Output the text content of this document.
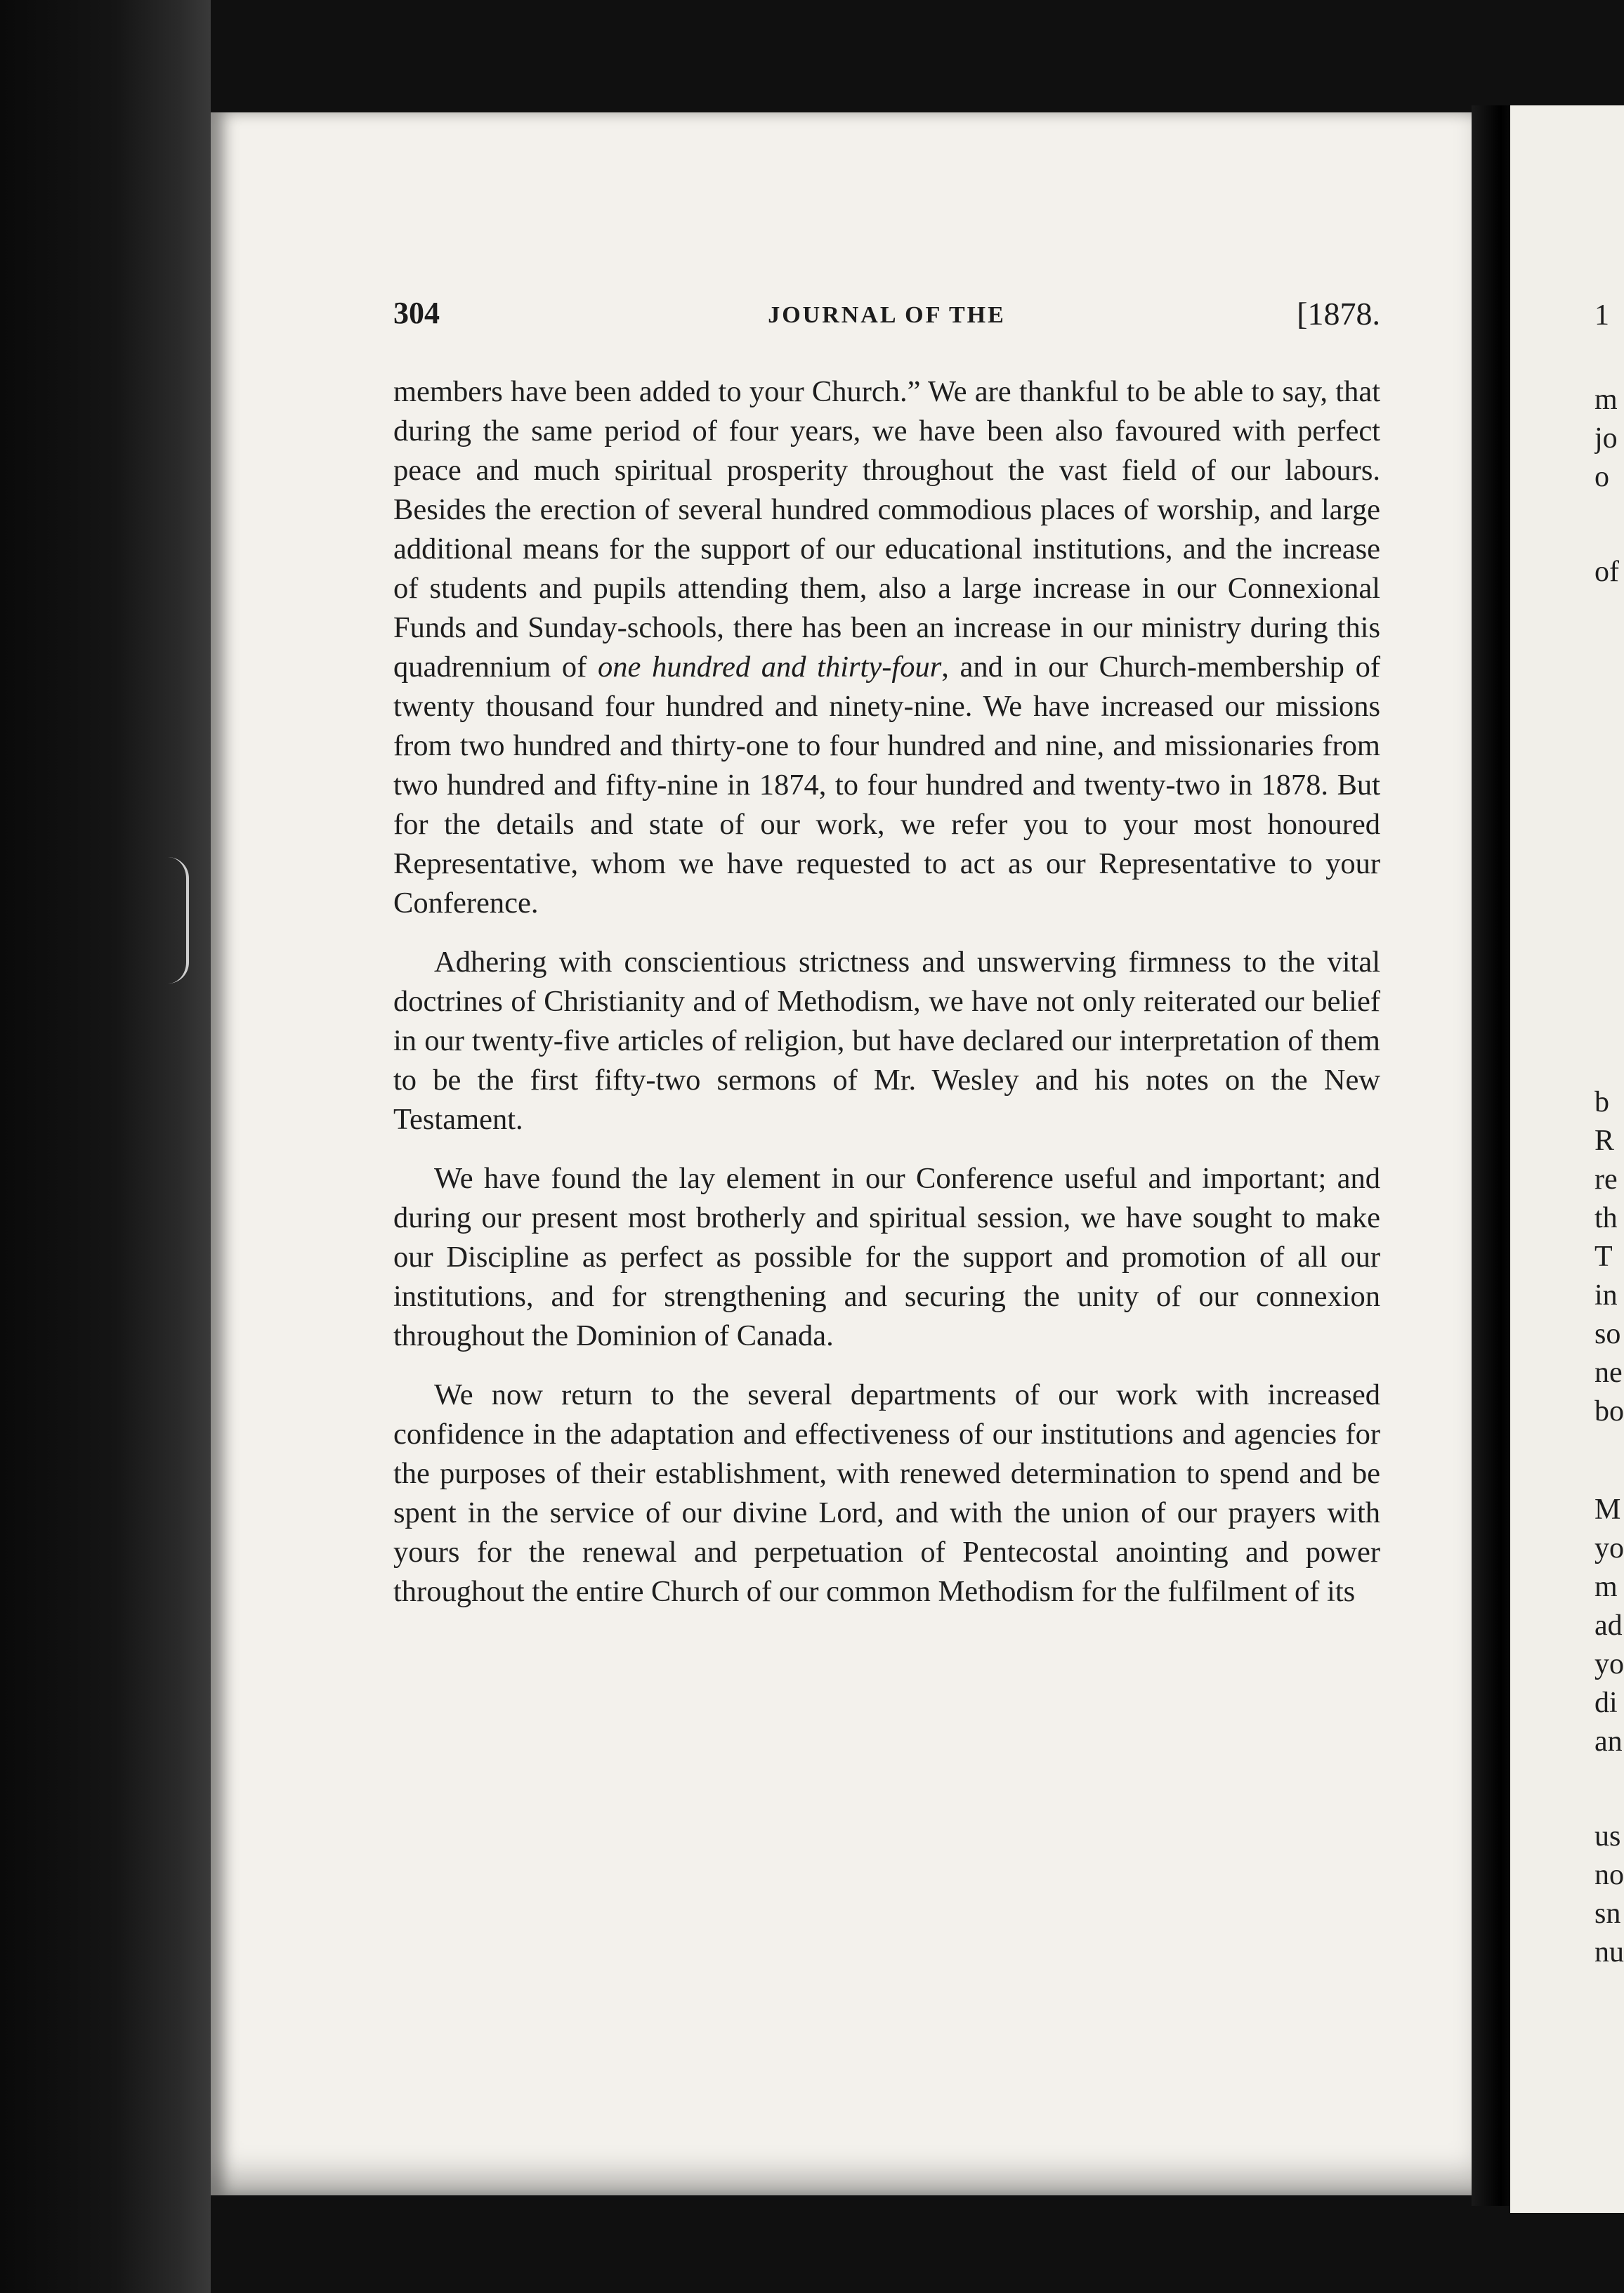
304	JOURNAL OF THE	[1878.

members have been added to your Church.” We are thankful to be able to say, that during the same period of four years, we have been also favoured with perfect peace and much spiritual prosperity throughout the vast field of our labours. Besides the erection of several hundred commodious places of worship, and large additional means for the support of our educational institutions, and the increase of students and pupils attending them, also a large increase in our Connexional Funds and Sunday-schools, there has been an increase in our ministry during this quadrennium of one hundred and thirty-four, and in our Church-membership of twenty thousand four hundred and ninety-nine. We have increased our missions from two hundred and thirty-one to four hundred and nine, and missionaries from two hundred and fifty-nine in 1874, to four hundred and twenty-two in 1878. But for the details and state of our work, we refer you to your most honoured Representative, whom we have requested to act as our Representative to your Conference.

Adhering with conscientious strictness and unswerving firmness to the vital doctrines of Christianity and of Methodism, we have not only reiterated our belief in our twenty-five articles of religion, but have declared our interpretation of them to be the first fifty-two sermons of Mr. Wesley and his notes on the New Testament.

We have found the lay element in our Conference useful and important; and during our present most brotherly and spiritual session, we have sought to make our Discipline as perfect as possible for the support and promotion of all our institutions, and for strengthening and securing the unity of our connexion throughout the Dominion of Canada.

We now return to the several departments of our work with increased confidence in the adaptation and effectiveness of our institutions and agencies for the purposes of their establishment, with renewed determination to spend and be spent in the service of our divine Lord, and with the union of our prayers with yours for the renewal and perpetuation of Pentecostal anointing and power throughout the entire Church of our common Methodism for the fulfilment of its

1
m
jo
o
of
b
R
re
th
T
in
so
ne
bo
M
yo
m
ad
yo
di
an
us
no
sn
nu
